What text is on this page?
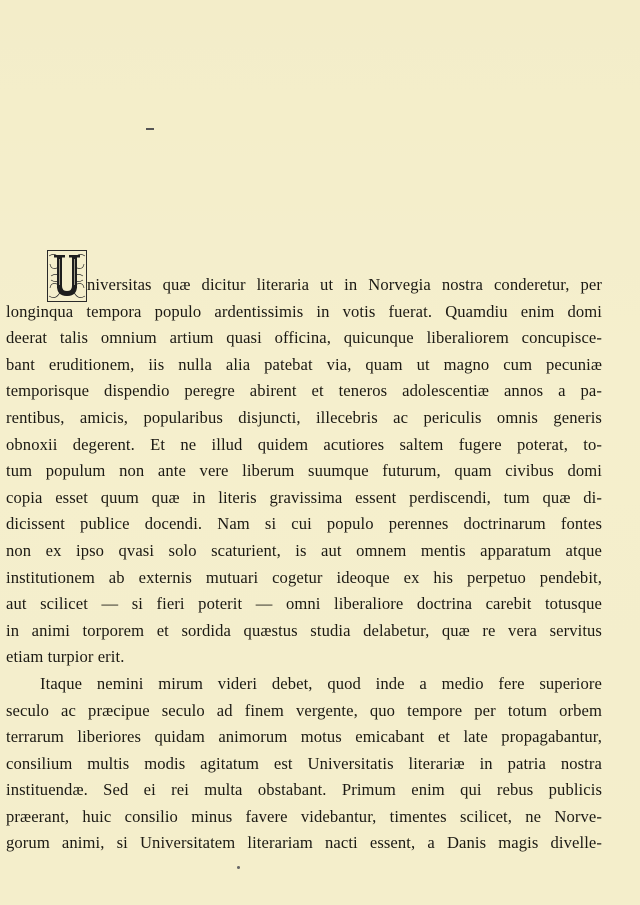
niversitas quæ dicitur literaria ut in Norvegia nostra conderetur, per
longinqua tempora populo ardentissimis in votis fuerat. Quamdiu enim domi
deerat talis omnium artium quasi officina, quicunque liberaliorem concupisce-
bant eruditionem, iis nulla alia patebat via, quam ut magno cum pecuniæ
temporisque dispendio peregre abirent et teneros adolescentiæ annos a pa-
rentibus, amicis, popularibus disjuncti, illecebris ac periculis omnis generis
obnoxii degerent. Et ne illud quidem acutiores saltem fugere poterat, to-
tum populum non ante vere liberum suumque futurum, quam civibus domi
copia esset quum quæ in literis gravissima essent perdiscendi, tum quæ di-
dicissent publice docendi. Nam si cui populo perennes doctrinarum fontes
non ex ipso qvasi solo scaturient, is aut omnem mentis apparatum atque
institutionem ab externis mutuari cogetur ideoque ex his perpetuo pendebit,
aut scilicet — si fieri poterit — omni liberaliore doctrina carebit totusque
in animi torporem et sordida quæstus studia delabetur, quæ re vera servitus
etiam turpior erit.
Itaque nemini mirum videri debet, quod inde a medio fere superiore
seculo ac præcipue seculo ad finem vergente, quo tempore per totum orbem
terrarum liberiores quidam animorum motus emicabant et late propagabantur,
consilium multis modis agitatum est Universitatis literariæ in patria nostra
instituendæ. Sed ei rei multa obstabant. Primum enim qui rebus publicis
præerant, huic consilio minus favere videbantur, timentes scilicet, ne Norve-
gorum animi, si Universitatem literariam nacti essent, a Danis magis divelle-
